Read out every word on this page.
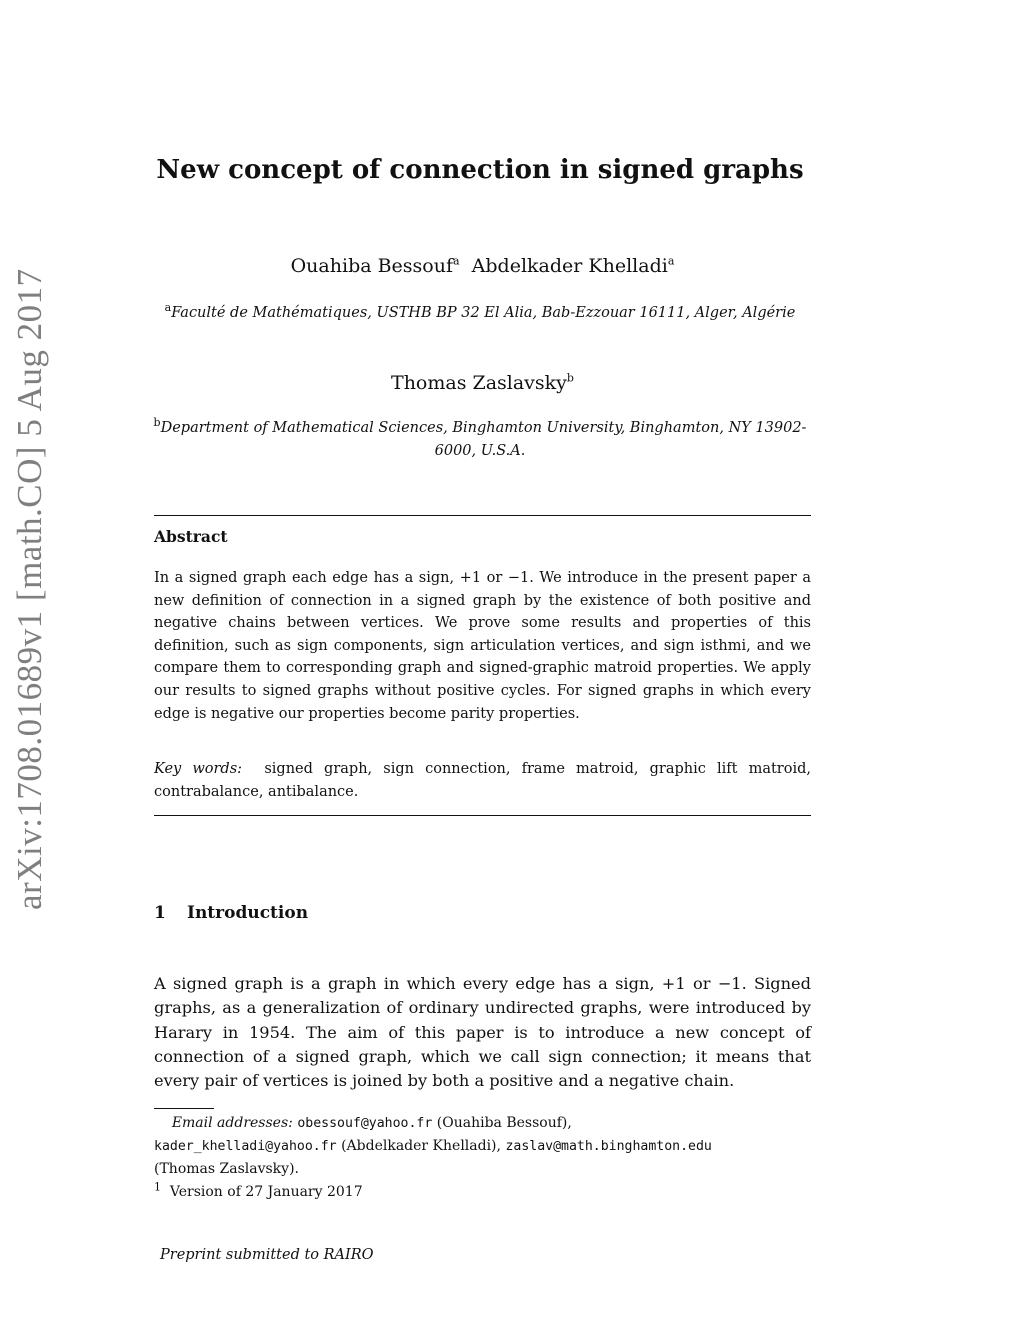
arXiv:1708.01689v1 [math.CO] 5 Aug 2017
New concept of connection in signed graphs
Ouahiba Bessouf$^a$ Abdelkader Khelladi$^a$
$^a$Faculté de Mathématiques, USTHB BP 32 El Alia, Bab-Ezzouar 16111, Alger, Algérie
Thomas Zaslavsky$^b$
$^b$Department of Mathematical Sciences, Binghamton University, Binghamton, NY 13902-6000, U.S.A.
Abstract
In a signed graph each edge has a sign, +1 or −1. We introduce in the present paper a new definition of connection in a signed graph by the existence of both positive and negative chains between vertices. We prove some results and properties of this definition, such as sign components, sign articulation vertices, and sign isthmi, and we compare them to corresponding graph and signed-graphic matroid properties. We apply our results to signed graphs without positive cycles. For signed graphs in which every edge is negative our properties become parity properties.
Key words: signed graph, sign connection, frame matroid, graphic lift matroid, contrabalance, antibalance.
1 Introduction
A signed graph is a graph in which every edge has a sign, +1 or −1. Signed graphs, as a generalization of ordinary undirected graphs, were introduced by Harary in 1954. The aim of this paper is to introduce a new concept of connection of a signed graph, which we call sign connection; it means that every pair of vertices is joined by both a positive and a negative chain.
Email addresses: obessouf@yahoo.fr (Ouahiba Bessouf),
kader_khelladi@yahoo.fr (Abdelkader Khelladi), zaslav@math.binghamton.edu
(Thomas Zaslavsky).
$^1$ Version of 27 January 2017
Preprint submitted to RAIRO
